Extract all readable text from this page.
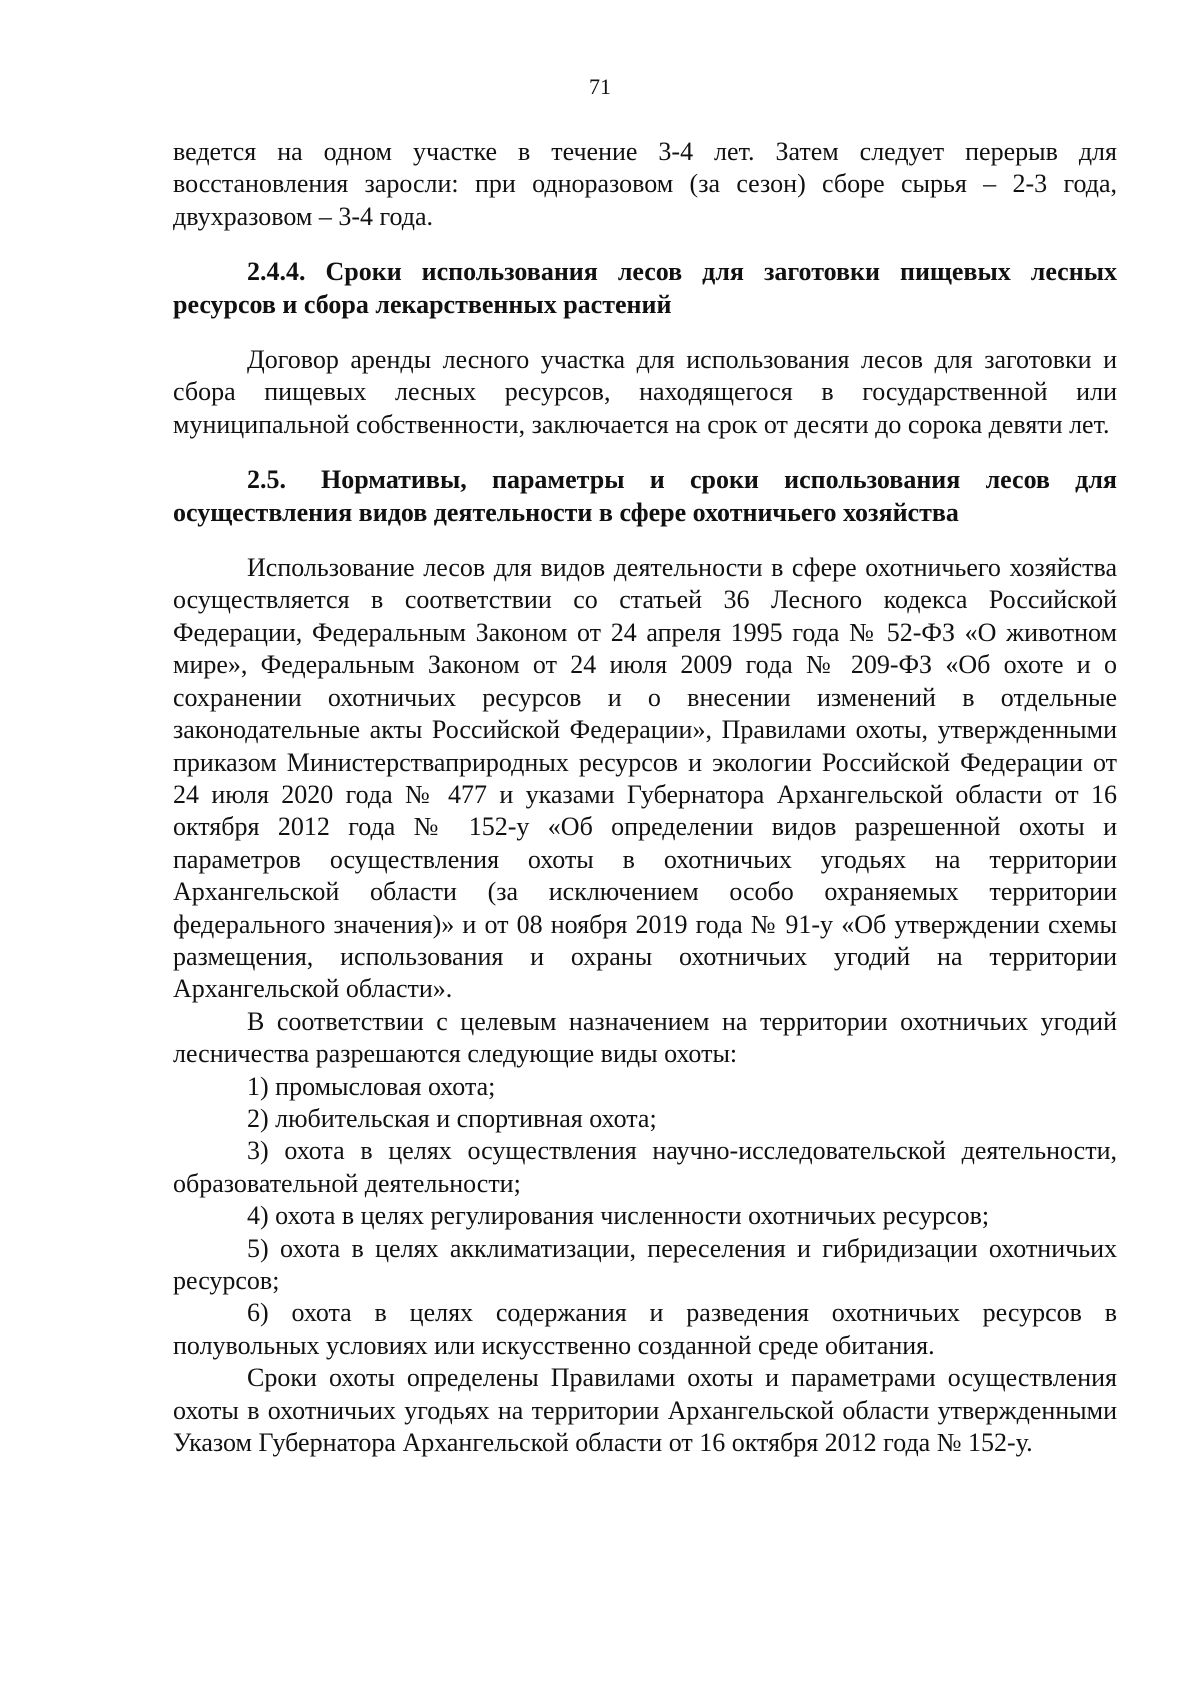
71

ведется на одном участке в течение 3-4 лет. Затем следует перерыв для восстановления заросли: при одноразовом (за сезон) сборе сырья – 2-3 года, двухразовом – 3-4 года.

2.4.4. Сроки использования лесов для заготовки пищевых лесных ресурсов и сбора лекарственных растений

Договор аренды лесного участка для использования лесов для заготовки и сбора пищевых лесных ресурсов, находящегося в государственной или муниципальной собственности, заключается на срок от десяти до сорока девяти лет.

2.5. Нормативы, параметры и сроки использования лесов для осуществления видов деятельности в сфере охотничьего хозяйства

Использование лесов для видов деятельности в сфере охотничьего хозяйства осуществляется в соответствии со статьей 36 Лесного кодекса Российской Федерации, Федеральным Законом от 24 апреля 1995 года № 52-ФЗ «О животном мире», Федеральным Законом от 24 июля 2009 года № 209-ФЗ «Об охоте и о сохранении охотничьих ресурсов и о внесении изменений в отдельные законодательные акты Российской Федерации», Правилами охоты, утвержденными приказом Министерстваприродных ресурсов и экологии Российской Федерации от 24 июля 2020 года № 477 и указами Губернатора Архангельской области от 16 октября 2012 года № 152-у «Об определении видов разрешенной охоты и параметров осуществления охоты в охотничьих угодьях на территории Архангельской области (за исключением особо охраняемых территории федерального значения)» и от 08 ноября 2019 года № 91-у «Об утверждении схемы размещения, использования и охраны охотничьих угодий на территории Архангельской области».

В соответствии с целевым назначением на территории охотничьих угодий лесничества разрешаются следующие виды охоты:

1) промысловая охота;

2) любительская и спортивная охота;

3) охота в целях осуществления научно-исследовательской деятельности, образовательной деятельности;

4) охота в целях регулирования численности охотничьих ресурсов;

5) охота в целях акклиматизации, переселения и гибридизации охотничьих ресурсов;

6) охота в целях содержания и разведения охотничьих ресурсов в полувольных условиях или искусственно созданной среде обитания.

Сроки охоты определены Правилами охоты и параметрами осуществления охоты в охотничьих угодьях на территории Архангельской области утвержденными Указом Губернатора Архангельской области от 16 октября 2012 года № 152-у.
